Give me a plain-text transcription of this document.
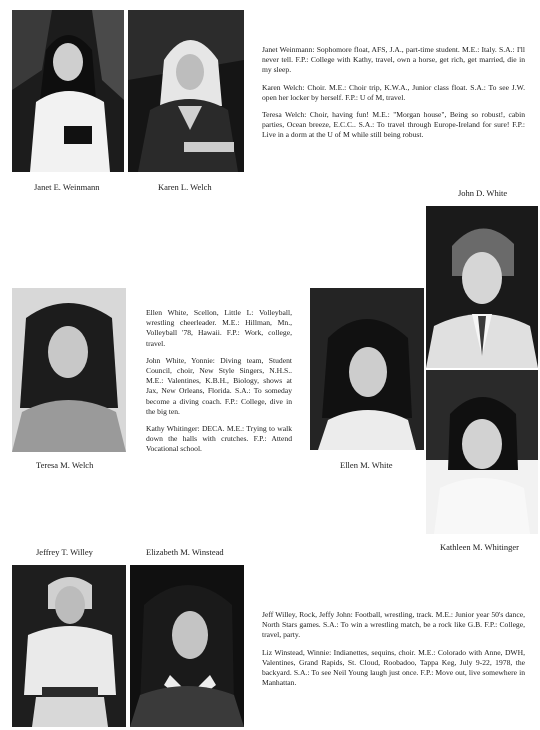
Janet E. Weinmann	Karen L. Welch

Janet Weinmann: Sophomore float, AFS, J.A., part-time student. M.E.: Italy. S.A.: I'll never tell. F.P.: College with Kathy, travel, own a horse, get rich, get married, die in my sleep.

Karen Welch: Choir. M.E.: Choir trip, K.W.A., Junior class float. S.A.: To see J.W. open her locker by herself. F.P.: U of M, travel.

Teresa Welch: Choir, having fun! M.E.: "Morgan house", Being so robust!, cabin parties, Ocean breeze, E.C.C.. S.A.: To travel through Europe-Ireland for sure! F.P.: Live in a dorm at the U of M while still being robust.

John D. White

Ellen White, Scellon, Little L: Volleyball, wrestling cheerleader. M.E.: Hillman, Mn., Volleyball '78, Hawaii. F.P.: Work, college, travel.

John White, Yonnie: Diving team, Student Council, choir, New Style Singers, N.H.S.. M.E.: Valentines, K.B.H., Biology, shows at Jax, New Orleans, Florida. S.A.: To someday become a diving coach. F.P.: College, dive in the big ten.

Kathy Whitinger: DECA. M.E.: Trying to walk down the halls with crutches. F.P.: Attend Vocational school.

Teresa M. Welch	Ellen M. White
Kathleen M. Whitinger
Jeffrey T. Willey	Elizabeth M. Winstead

Jeff Willey, Rock, Jeffy John: Football, wrestling, track. M.E.: Junior year 50's dance, North Stars games. S.A.: To win a wrestling match, be a rock like G.B. F.P.: College, travel, party.

Liz Winstead, Winnie: Indianettes, sequins, choir. M.E.: Colorado with Anne, DWH, Valentines, Grand Rapids, St. Cloud, Roobadoo, Tappa Keg, July 9-22, 1978, the backyard. S.A.: To see Neil Young laugh just once. F.P.: Move out, live somewhere in Manhattan.
